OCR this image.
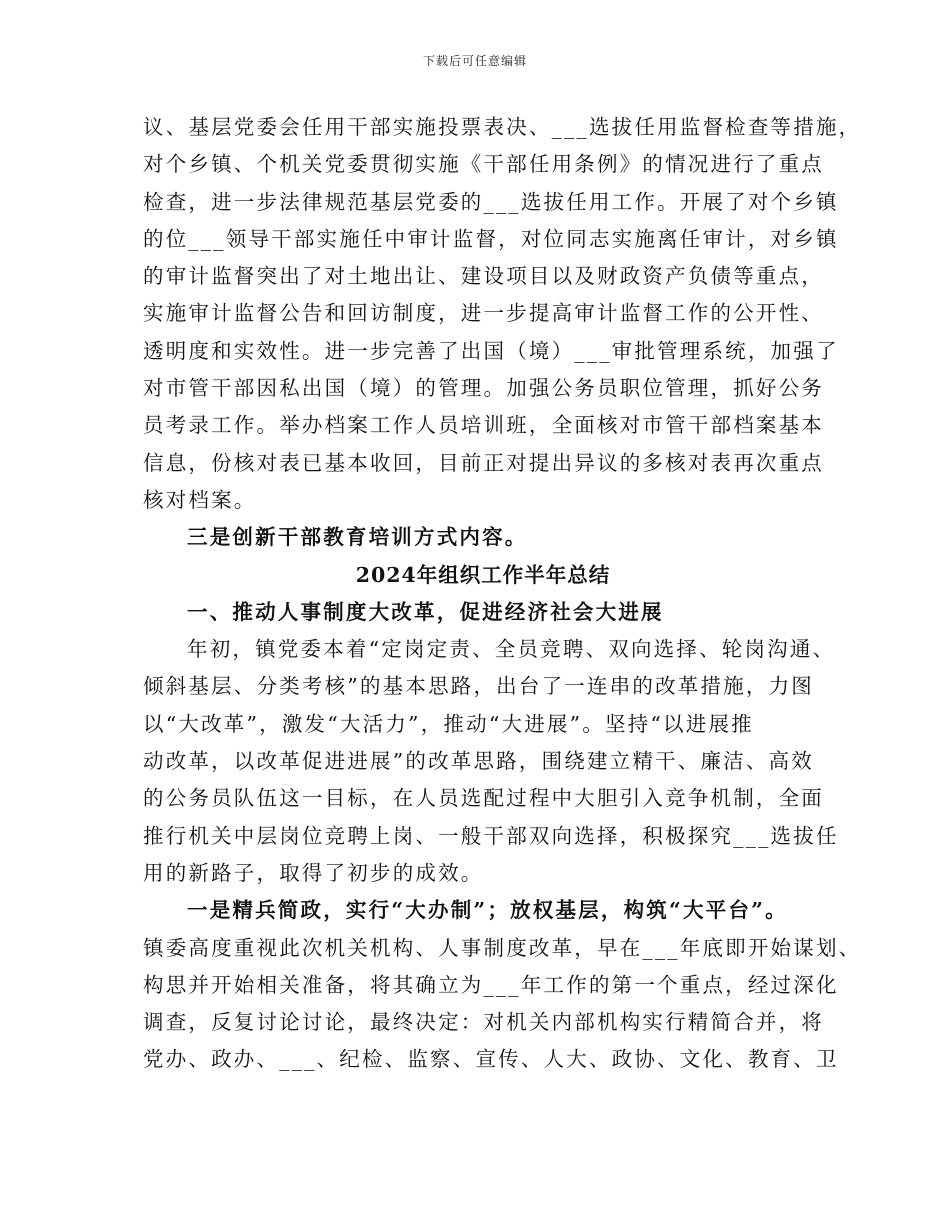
下载后可任意编辑
议、基层党委会任用干部实施投票表决、___选拔任用监督检查等措施，
对个乡镇、个机关党委贯彻实施《干部任用条例》的情况进行了重点
检查，进一步法律规范基层党委的___选拔任用工作。开展了对个乡镇
的位___领导干部实施任中审计监督，对位同志实施离任审计，对乡镇
的审计监督突出了对土地出让、建设项目以及财政资产负债等重点，
实施审计监督公告和回访制度，进一步提高审计监督工作的公开性、
透明度和实效性。进一步完善了出国（境）___审批管理系统，加强了
对市管干部因私出国（境）的管理。加强公务员职位管理，抓好公务
员考录工作。举办档案工作人员培训班，全面核对市管干部档案基本
信息，份核对表已基本收回，目前正对提出异议的多核对表再次重点
核对档案。
三是创新干部教育培训方式内容。
2024年组织工作半年总结
一、推动人事制度大改革，促进经济社会大进展
年初，镇党委本着“定岗定责、全员竞聘、双向选择、轮岗沟通、
倾斜基层、分类考核”的基本思路，出台了一连串的改革措施，力图
以“大改革”，激发“大活力”，推动“大进展”。坚持“以进展推
动改革，以改革促进进展”的改革思路，围绕建立精干、廉洁、高效
的公务员队伍这一目标，在人员选配过程中大胆引入竞争机制，全面
推行机关中层岗位竞聘上岗、一般干部双向选择，积极探究___选拔任
用的新路子，取得了初步的成效。
一是精兵简政，实行“大办制”；放权基层，构筑“大平台”。
镇委高度重视此次机关机构、人事制度改革，早在___年底即开始谋划、
构思并开始相关准备，将其确立为___年工作的第一个重点，经过深化
调查，反复讨论讨论，最终决定：对机关内部机构实行精简合并，将
党办、政办、___、纪检、监察、宣传、人大、政协、文化、教育、卫
